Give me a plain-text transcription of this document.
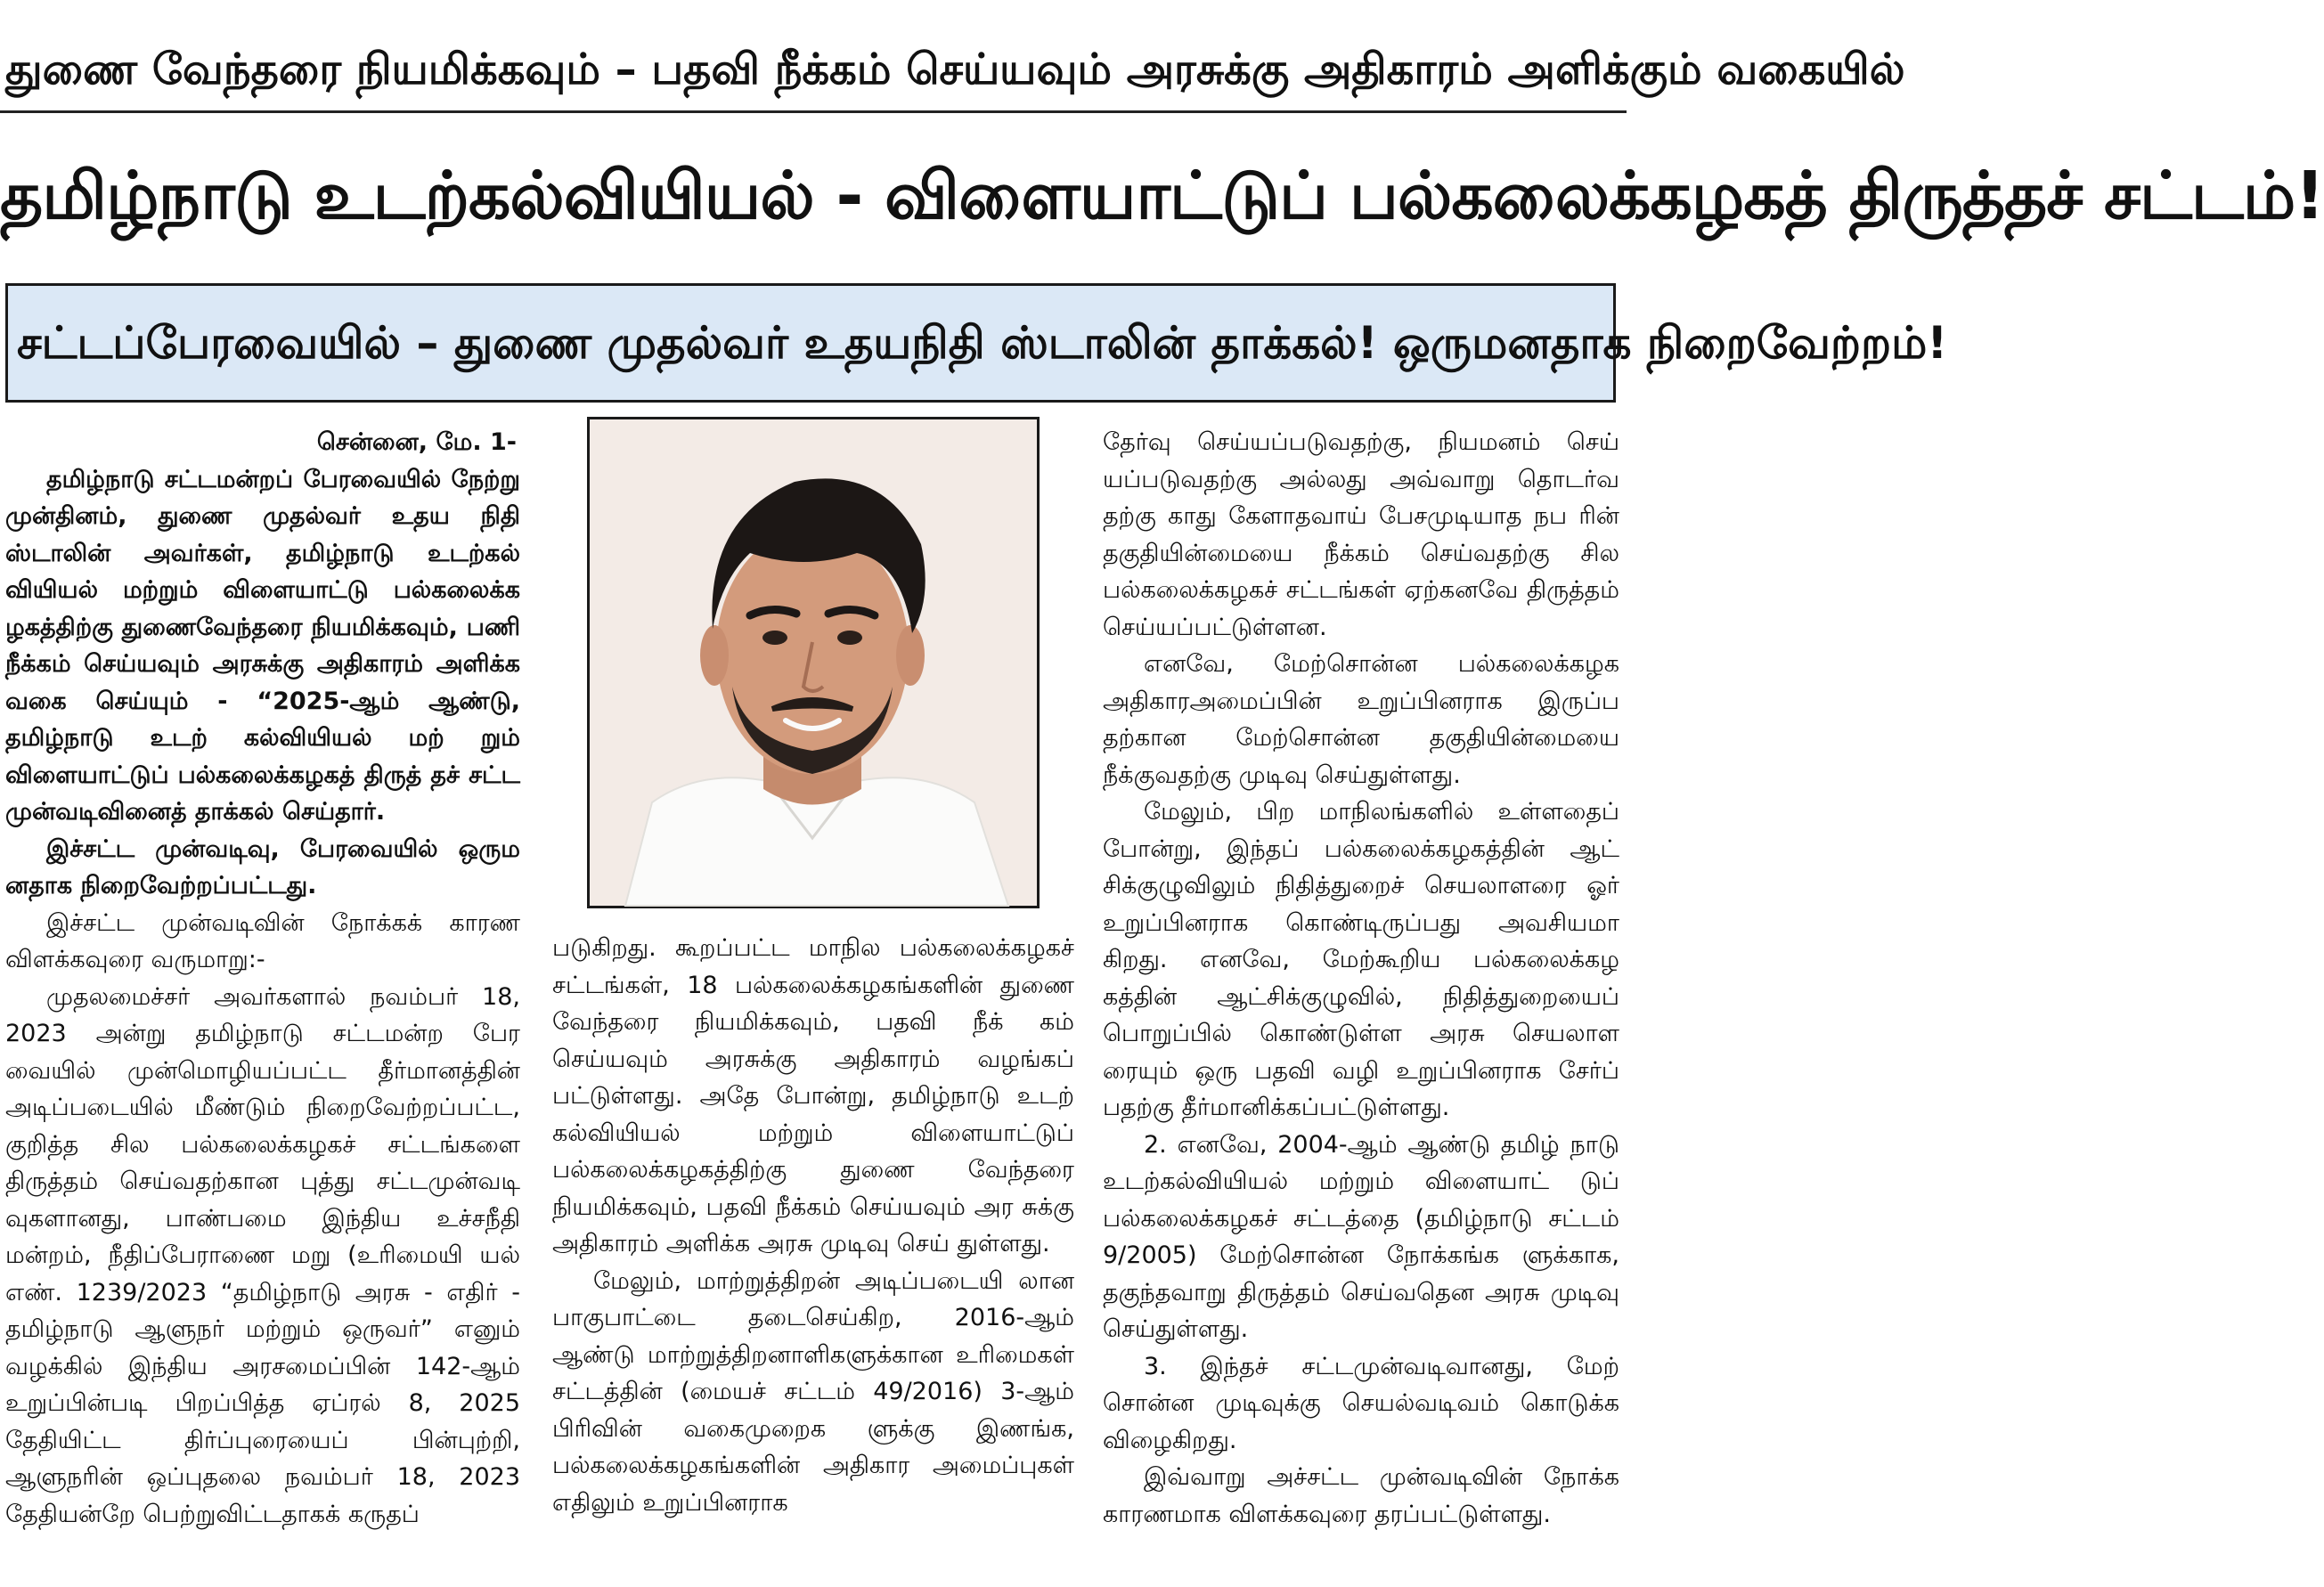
துணை வேந்தரை நியமிக்கவும் – பதவி நீக்கம் செய்யவும் அரசுக்கு அதிகாரம் அளிக்கும் வகையில்
தமிழ்நாடு உடற்கல்வியியல் - விளையாட்டுப் பல்கலைக்கழகத் திருத்தச் சட்டம்!
சட்டப்பேரவையில் – துணை முதல்வர் உதயநிதி ஸ்டாலின் தாக்கல்! ஒருமனதாக நிறைவேற்றம்!

சென்னை, மே. 1-

தமிழ்நாடு சட்டமன்றப் பேரவையில் நேற்று முன்தினம், துணை முதல்வர் உதய நிதி ஸ்டாலின் அவர்கள், தமிழ்நாடு உடற்கல் வியியல் மற்றும் விளையாட்டு பல்கலைக்க ழகத்திற்கு துணைவேந்தரை நியமிக்கவும், பணி நீக்கம் செய்யவும் அரசுக்கு அதிகாரம் அளிக்க வகை செய்யும் - “2025-ஆம் ஆண்டு, தமிழ்நாடு உடற் கல்வியியல் மற் றும் விளையாட்டுப் பல்கலைக்கழகத் திருத் தச் சட்ட முன்வடிவினைத் தாக்கல் செய்தார்.

இச்சட்ட முன்வடிவு, பேரவையில் ஒரும னதாக நிறைவேற்றப்பட்டது.

இச்சட்ட முன்வடிவின் நோக்கக் காரண விளக்கவுரை வருமாறு:-

முதலமைச்சர் அவர்களால் நவம்பர் 18, 2023 அன்று தமிழ்நாடு சட்டமன்ற பேர வையில் முன்மொழியப்பட்ட தீர்மானத்தின் அடிப்படையில் மீண்டும் நிறைவேற்றப்பட்ட, குறித்த சில பல்கலைக்கழகச் சட்டங்களை திருத்தம் செய்வதற்கான புத்து சட்டமுன்வடி வுகளானது, பாண்பமை இந்திய உச்சநீதி மன்றம், நீதிப்பேராணை மறு (உரிமையி யல் எண். 1239/2023 “தமிழ்நாடு அரசு - எதிர் - தமிழ்நாடு ஆளுநர் மற்றும் ஒருவர்” எனும் வழக்கில் இந்திய அரசமைப்பின் 142-ஆம் உறுப்பின்படி பிறப்பித்த ஏப்ரல் 8, 2025 தேதியிட்ட திர்ப்புரையைப் பின்புற்றி, ஆளுநரின் ஒப்புதலை நவம்பர் 18, 2023 தேதியன்றே பெற்றுவிட்டதாகக் கருதப்

படுகிறது. கூறப்பட்ட மாநில பல்கலைக்கழகச் சட்டங்கள், 18 பல்கலைக்கழகங்களின் துணை வேந்தரை நியமிக்கவும், பதவி நீக் கம் செய்யவும் அரசுக்கு அதிகாரம் வழங்கப் பட்டுள்ளது. அதே போன்று, தமிழ்நாடு உடற் கல்வியியல் மற்றும் விளையாட்டுப் பல்கலைக்கழகத்திற்கு துணை வேந்தரை நியமிக்கவும், பதவி நீக்கம் செய்யவும் அர சுக்கு அதிகாரம் அளிக்க அரசு முடிவு செய் துள்ளது.

மேலும், மாற்றுத்திறன் அடிப்படையி லான பாகுபாட்டை தடைசெய்கிற, 2016-ஆம் ஆண்டு மாற்றுத்திறனாளிகளுக்கான உரிமைகள் சட்டத்தின் (மையச் சட்டம் 49/2016) 3-ஆம் பிரிவின் வகைமுறைக ளுக்கு இணங்க, பல்கலைக்கழகங்களின் அதிகார அமைப்புகள் எதிலும் உறுப்பினராக

தேர்வு செய்யப்படுவதற்கு, நியமனம் செய் யப்படுவதற்கு அல்லது அவ்வாறு தொடர்வ தற்கு காது கேளாதவாய் பேசமுடியாத நப ரின் தகுதியின்மையை நீக்கம் செய்வதற்கு சில பல்கலைக்கழகச் சட்டங்கள் ஏற்கனவே திருத்தம் செய்யப்பட்டுள்ளன.

எனவே, மேற்சொன்ன பல்கலைக்கழக அதிகாரஅமைப்பின் உறுப்பினராக இருப்ப தற்கான மேற்சொன்ன தகுதியின்மையை நீக்குவதற்கு முடிவு செய்துள்ளது.

மேலும், பிற மாநிலங்களில் உள்ளதைப் போன்று, இந்தப் பல்கலைக்கழகத்தின் ஆட் சிக்குழுவிலும் நிதித்துறைச் செயலாளரை ஓர் உறுப்பினராக கொண்டிருப்பது அவசியமா கிறது. எனவே, மேற்கூறிய பல்கலைக்கழ கத்தின் ஆட்சிக்குழுவில், நிதித்துறையைப் பொறுப்பில் கொண்டுள்ள அரசு செயலாள ரையும் ஒரு பதவி வழி உறுப்பினராக சேர்ப் பதற்கு தீர்மானிக்கப்பட்டுள்ளது.

2. எனவே, 2004-ஆம் ஆண்டு தமிழ் நாடு உடற்கல்வியியல் மற்றும் விளையாட் டுப் பல்கலைக்கழகச் சட்டத்தை (தமிழ்நாடு சட்டம் 9/2005) மேற்சொன்ன நோக்கங்க ளுக்காக, தகுந்தவாறு திருத்தம் செய்வதென அரசு முடிவு செய்துள்ளது.

3. இந்தச் சட்டமுன்வடிவானது, மேற் சொன்ன முடிவுக்கு செயல்வடிவம் கொடுக்க விழைகிறது.

இவ்வாறு அச்சட்ட முன்வடிவின் நோக்க காரணமாக விளக்கவுரை தரப்பட்டுள்ளது.
